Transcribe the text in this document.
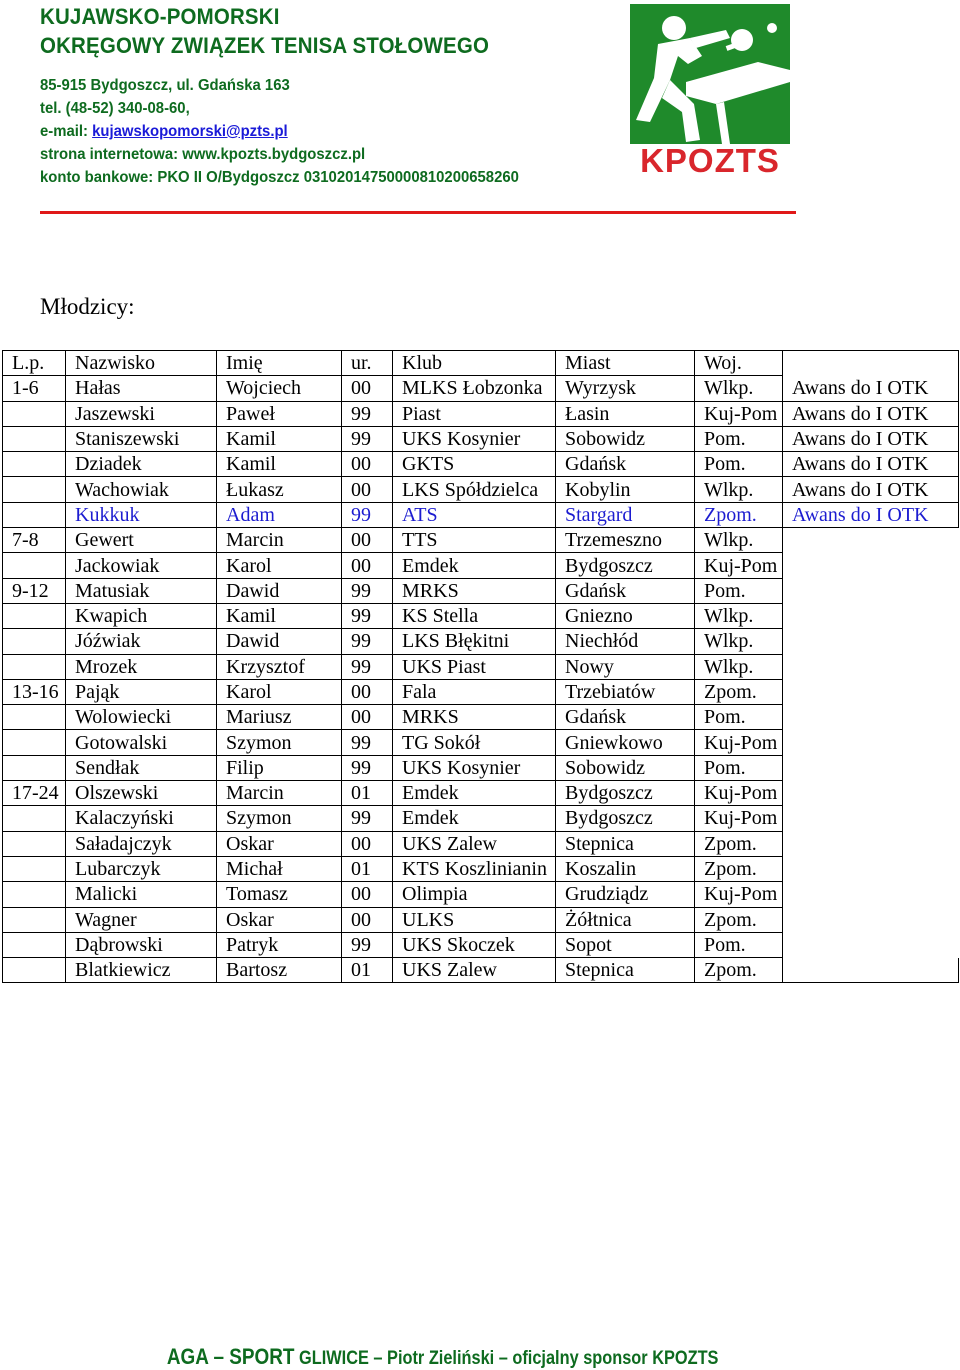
KUJAWSKO-POMORSKI
OKRĘGOWY ZWIĄZEK TENISA STOŁOWEGO
85-915 Bydgoszcz, ul. Gdańska 163
tel. (48-52) 340-08-60,
e-mail: kujawskopomorski@pzts.pl
strona internetowa: www.kpozts.bydgoszcz.pl
konto bankowe: PKO II O/Bydgoszcz 03102014750000810200658260	KPOZTS
Młodzicy:
L.p.	Nazwisko	Imię	ur.	Klub	Miast	Woj.	
1-6	Hałas	Wojciech	00	MLKS Łobzonka	Wyrzysk	Wlkp.	Awans do I OTK
	Jaszewski	Paweł	99	Piast	Łasin	Kuj-Pom	Awans do I OTK
	Staniszewski	Kamil	99	UKS Kosynier	Sobowidz	Pom.	Awans do I OTK
	Dziadek	Kamil	00	GKTS	Gdańsk	Pom.	Awans do I OTK
	Wachowiak	Łukasz	00	LKS Spółdzielca	Kobylin	Wlkp.	Awans do I OTK
	Kukkuk	Adam	99	ATS	Stargard	Zpom.	Awans do I OTK
7-8	Gewert	Marcin	00	TTS	Trzemeszno	Wlkp.	
	Jackowiak	Karol	00	Emdek	Bydgoszcz	Kuj-Pom	
9-12	Matusiak	Dawid	99	MRKS	Gdańsk	Pom.	
	Kwapich	Kamil	99	KS Stella	Gniezno	Wlkp.	
	Jóźwiak	Dawid	99	LKS Błękitni	Niechłód	Wlkp.	
	Mrozek	Krzysztof	99	UKS Piast	Nowy	Wlkp.	
13-16	Pająk	Karol	00	Fala	Trzebiatów	Zpom.	
	Wolowiecki	Mariusz	00	MRKS	Gdańsk	Pom.	
	Gotowalski	Szymon	99	TG Sokół	Gniewkowo	Kuj-Pom	
	Sendłak	Filip	99	UKS Kosynier	Sobowidz	Pom.	
17-24	Olszewski	Marcin	01	Emdek	Bydgoszcz	Kuj-Pom	
	Kalaczyński	Szymon	99	Emdek	Bydgoszcz	Kuj-Pom	
	Saładajczyk	Oskar	00	UKS Zalew	Stepnica	Zpom.	
	Lubarczyk	Michał	01	KTS Koszlinianin	Koszalin	Zpom.	
	Malicki	Tomasz	00	Olimpia	Grudziądz	Kuj-Pom	
	Wagner	Oskar	00	ULKS	Żółtnica	Zpom.	
	Dąbrowski	Patryk	99	UKS Skoczek	Sopot	Pom.	
	Blatkiewicz	Bartosz	01	UKS Zalew	Stepnica	Zpom.	
AGA – SPORT GLIWICE – Piotr Zieliński – oficjalny sponsor KPOZTS
